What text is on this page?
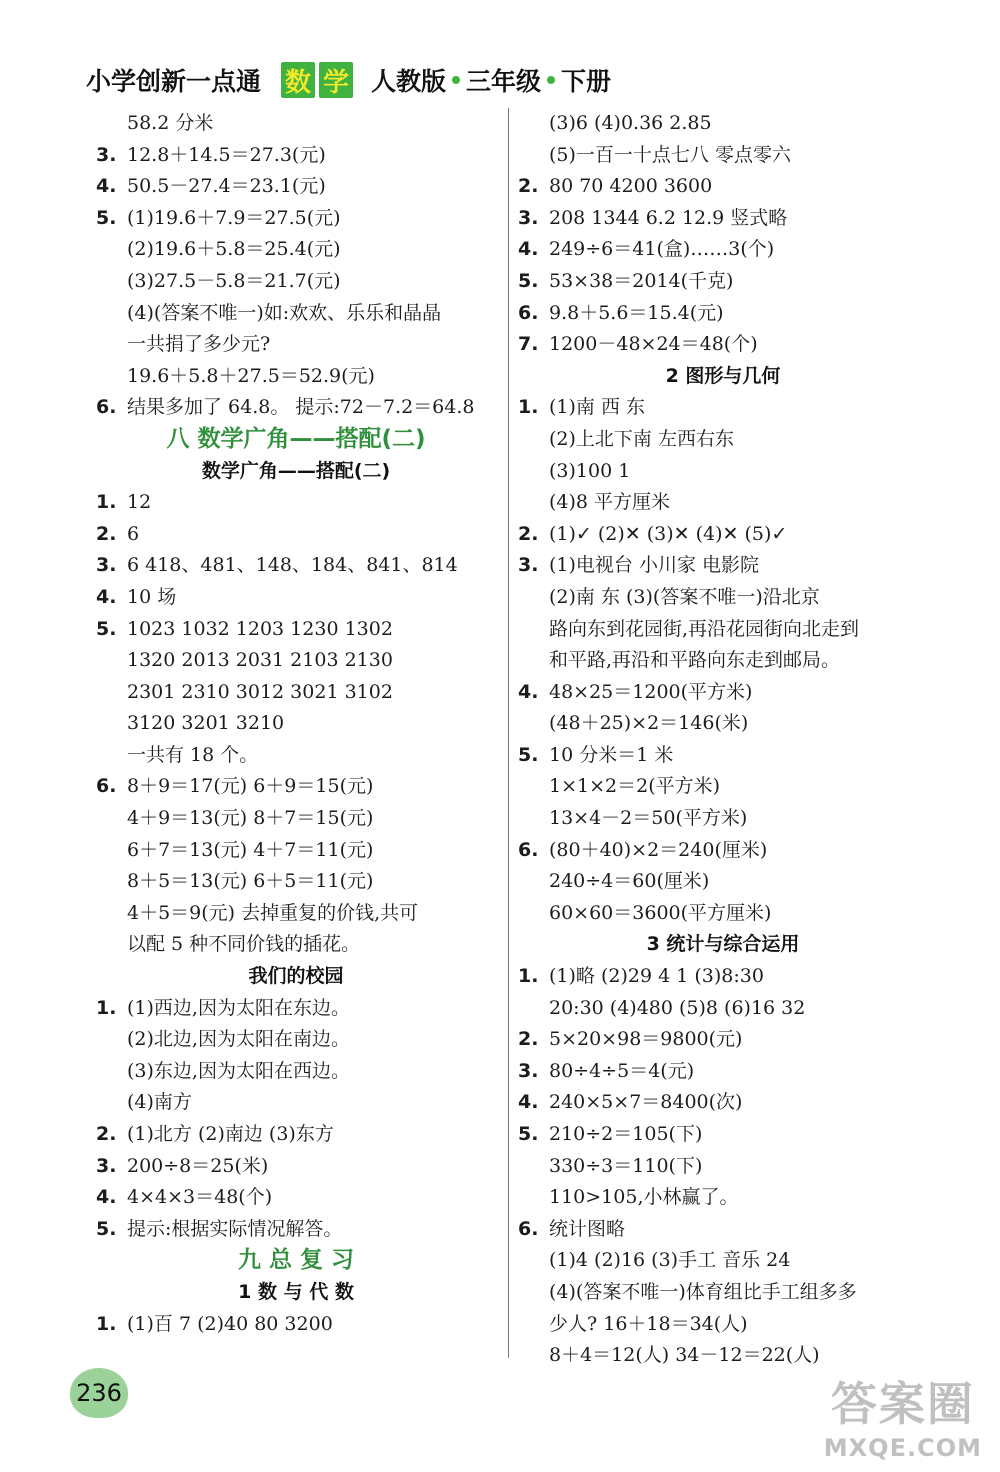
小学创新一点通 数 学 人教版 三年级 下册
58.2 分米
3. 12.8＋14.5＝27.3(元)
4. 50.5－27.4＝23.1(元)
5. (1)19.6＋7.9＝27.5(元)
(2)19.6＋5.8＝25.4(元)
(3)27.5－5.8＝21.7(元)
(4)(答案不唯一)如:欢欢、乐乐和晶晶
一共捐了多少元?
19.6＋5.8＋27.5＝52.9(元)
6. 结果多加了 64.8。 提示:72－7.2＝64.8
八 数学广角——搭配(二)
数学广角——搭配(二)
1. 12
2. 6
3. 6 418、481、148、184、841、814
4. 10 场
5. 1023 1032 1203 1230 1302
1320 2013 2031 2103 2130
2301 2310 3012 3021 3102
3120 3201 3210
一共有 18 个。
6. 8＋9＝17(元) 6＋9＝15(元)
4＋9＝13(元) 8＋7＝15(元)
6＋7＝13(元) 4＋7＝11(元)
8＋5＝13(元) 6＋5＝11(元)
4＋5＝9(元) 去掉重复的价钱,共可
以配 5 种不同价钱的插花。
我们的校园
1. (1)西边,因为太阳在东边。
(2)北边,因为太阳在南边。
(3)东边,因为太阳在西边。
(4)南方
2. (1)北方 (2)南边 (3)东方
3. 200÷8＝25(米)
4. 4×4×3＝48(个)
5. 提示:根据实际情况解答。
九 总 复 习
1 数 与 代 数
1. (1)百 7 (2)40 80 3200
(3)6 (4)0.36 2.85
(5)一百一十点七八 零点零六
2. 80 70 4200 3600
3. 208 1344 6.2 12.9 竖式略
4. 249÷6＝41(盒)……3(个)
5. 53×38＝2014(千克)
6. 9.8＋5.6＝15.4(元)
7. 1200－48×24＝48(个)
2 图形与几何
1. (1)南 西 东
(2)上北下南 左西右东
(3)100 1
(4)8 平方厘米
2. (1)✓ (2)✕ (3)✕ (4)✕ (5)✓
3. (1)电视台 小川家 电影院
(2)南 东 (3)(答案不唯一)沿北京
路向东到花园街,再沿花园街向北走到
和平路,再沿和平路向东走到邮局。
4. 48×25＝1200(平方米)
(48＋25)×2＝146(米)
5. 10 分米＝1 米
1×1×2＝2(平方米)
13×4－2＝50(平方米)
6. (80＋40)×2＝240(厘米)
240÷4＝60(厘米)
60×60＝3600(平方厘米)
3 统计与综合运用
1. (1)略 (2)29 4 1 (3)8:30
20:30 (4)480 (5)8 (6)16 32
2. 5×20×98＝9800(元)
3. 80÷4÷5＝4(元)
4. 240×5×7＝8400(次)
5. 210÷2＝105(下)
330÷3＝110(下)
110>105,小林赢了。
6. 统计图略
(1)4 (2)16 (3)手工 音乐 24
(4)(答案不唯一)体育组比手工组多多
少人? 16＋18＝34(人)
8＋4＝12(人) 34－12＝22(人)
236	答案圈
MXQE.COM
